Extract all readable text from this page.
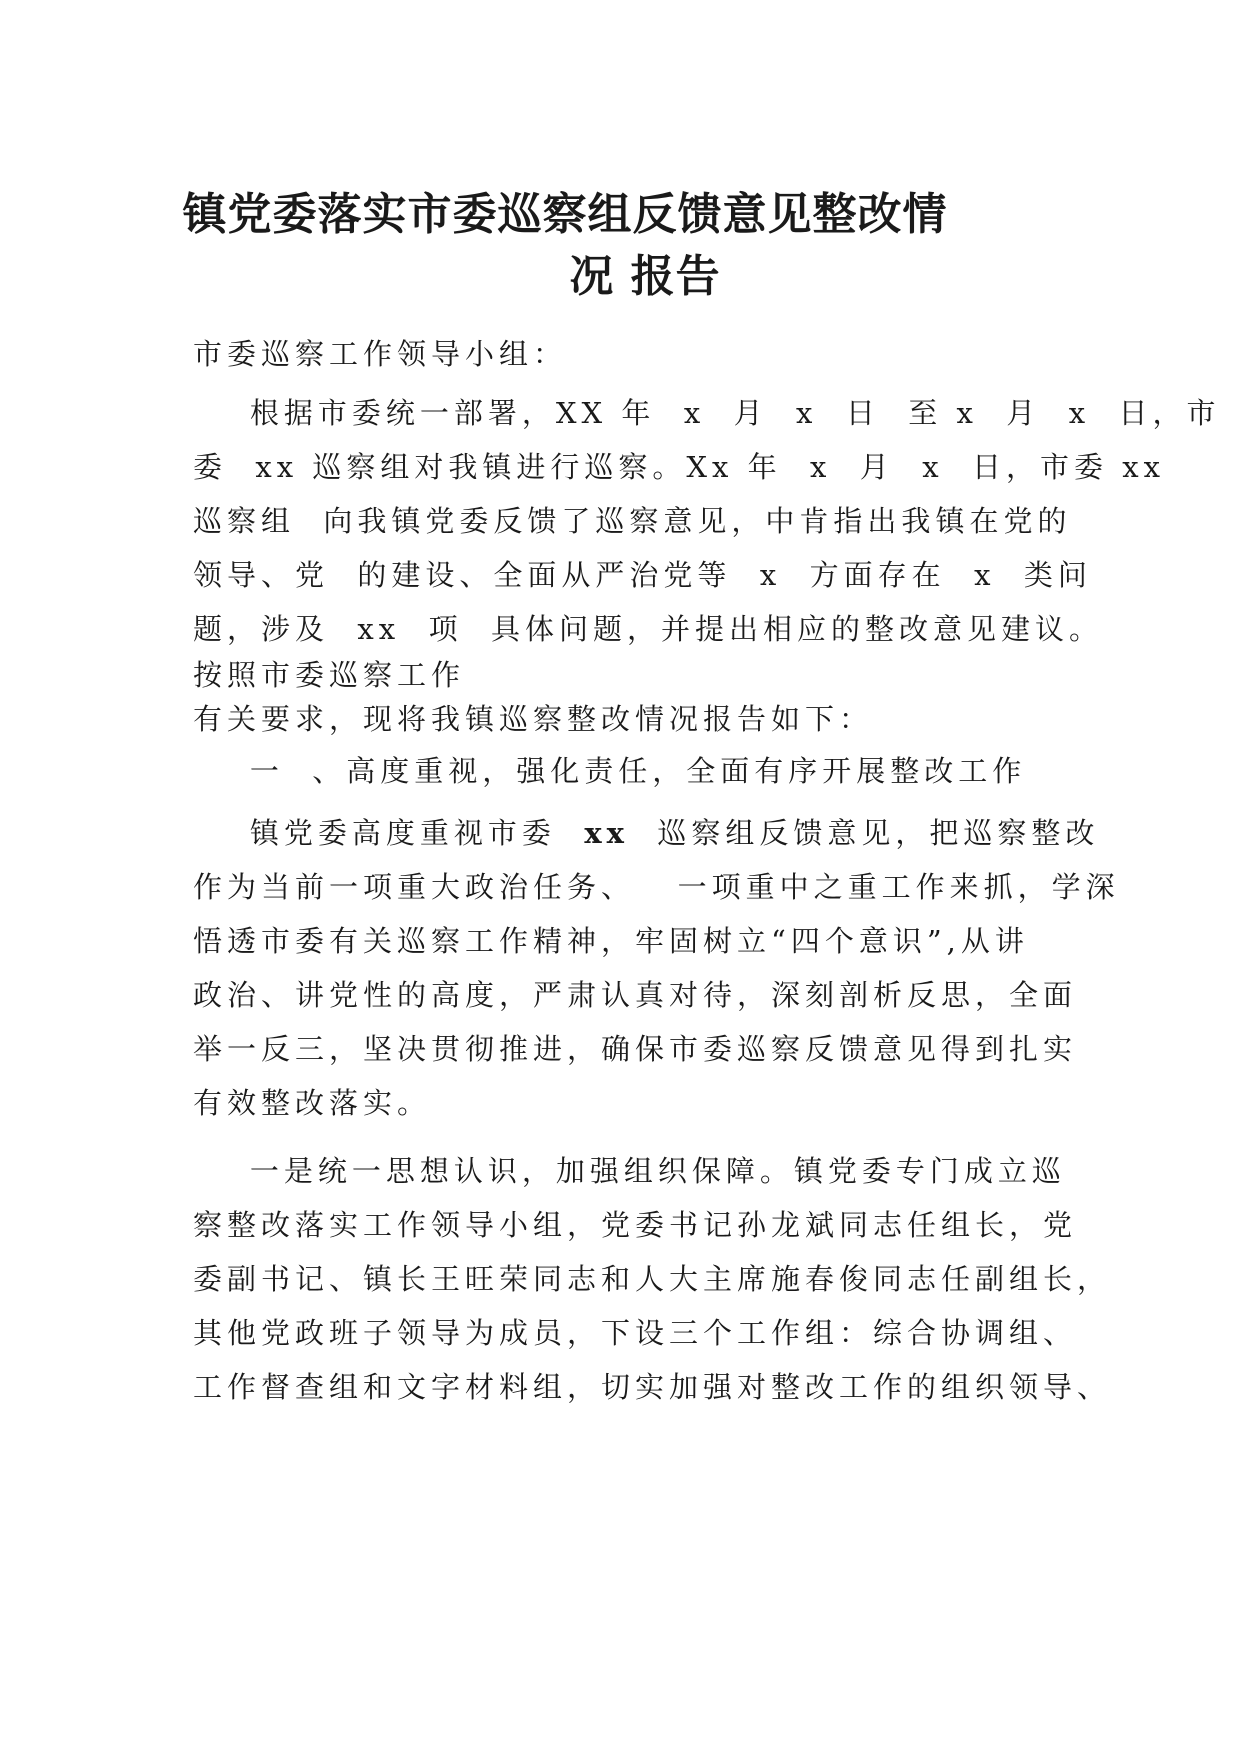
镇党委落实市委巡察组反馈意见整改情
况 报告
市委巡察工作领导小组：
根据市委统一部署，XX 年  x  月  x  日  至 x  月  x  日，市
委  xx 巡察组对我镇进行巡察。Xx 年  x  月  x  日，市委 xx
巡察组  向我镇党委反馈了巡察意见，中肯指出我镇在党的
领导、党  的建设、全面从严治党等  x  方面存在  x  类问
题，涉及  xx  项  具体问题，并提出相应的整改意见建议。
按照市委巡察工作
有关要求，现将我镇巡察整改情况报告如下：
一  、高度重视，强化责任，全面有序开展整改工作
镇党委高度重视市委  xx  巡察组反馈意见，把巡察整改
作为当前一项重大政治任务、   一项重中之重工作来抓，学深
悟透市委有关巡察工作精神，牢固树立“四个意识”,从讲
政治、讲党性的高度，严肃认真对待，深刻剖析反思，全面
举一反三，坚决贯彻推进，确保市委巡察反馈意见得到扎实
有效整改落实。
一是统一思想认识，加强组织保障。镇党委专门成立巡
察整改落实工作领导小组，党委书记孙龙斌同志任组长，党
委副书记、镇长王旺荣同志和人大主席施春俊同志任副组长，
其他党政班子领导为成员，下设三个工作组：综合协调组、
工作督查组和文字材料组，切实加强对整改工作的组织领导、
